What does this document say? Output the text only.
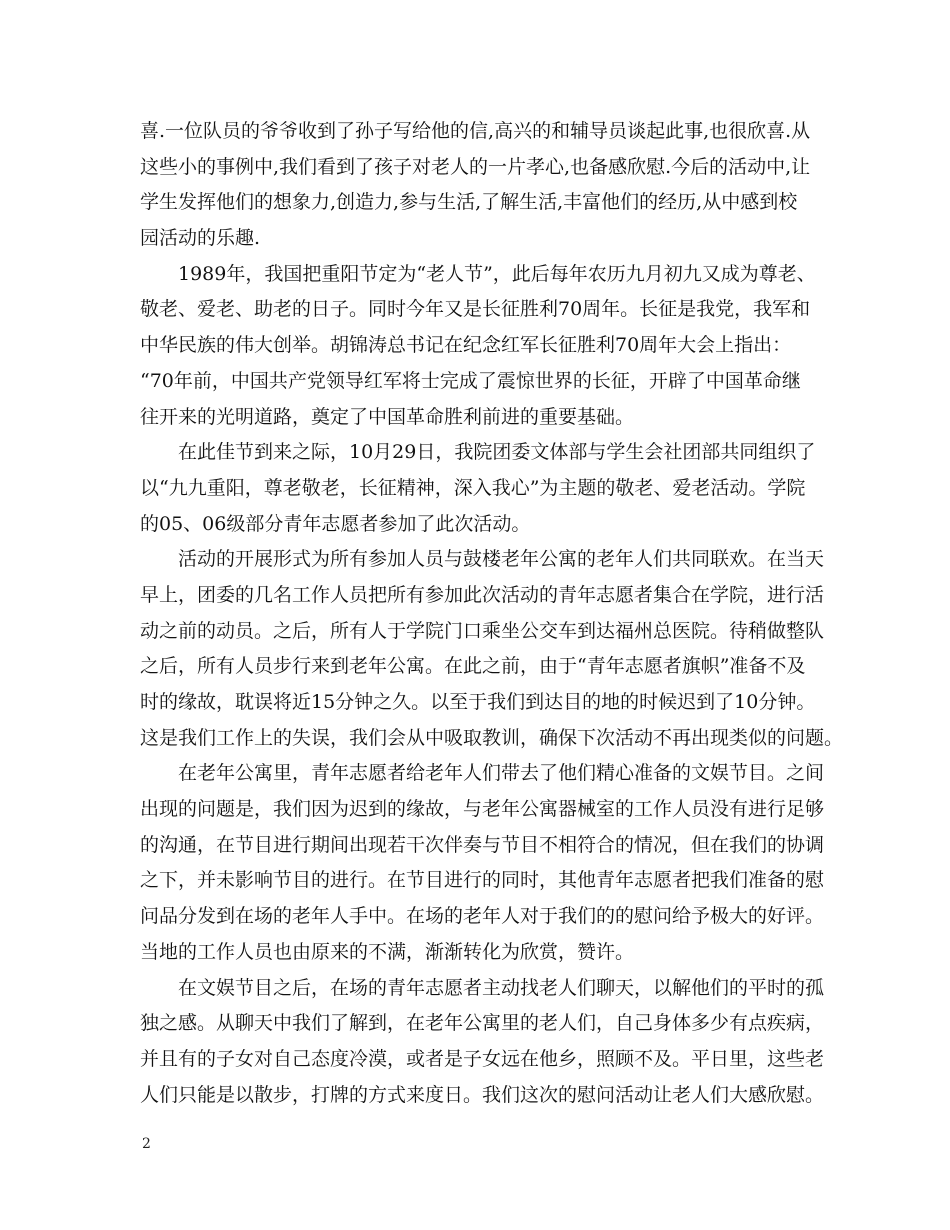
喜.一位队员的爷爷收到了孙子写给他的信,高兴的和辅导员谈起此事,也很欣喜.从
这些小的事例中,我们看到了孩子对老人的一片孝心,也备感欣慰.今后的活动中,让
学生发挥他们的想象力,创造力,参与生活,了解生活,丰富他们的经历,从中感到校
园活动的乐趣.
　　1989年，我国把重阳节定为“老人节”，此后每年农历九月初九又成为尊老、
敬老、爱老、助老的日子。同时今年又是长征胜利70周年。长征是我党，我军和
中华民族的伟大创举。胡锦涛总书记在纪念红军长征胜利70周年大会上指出：
“70年前，中国共产党领导红军将士完成了震惊世界的长征，开辟了中国革命继
往开来的光明道路，奠定了中国革命胜利前进的重要基础。
　　在此佳节到来之际，10月29日，我院团委文体部与学生会社团部共同组织了
以“九九重阳，尊老敬老，长征精神，深入我心”为主题的敬老、爱老活动。学院
的05、06级部分青年志愿者参加了此次活动。
　　活动的开展形式为所有参加人员与鼓楼老年公寓的老年人们共同联欢。在当天
早上，团委的几名工作人员把所有参加此次活动的青年志愿者集合在学院，进行活
动之前的动员。之后，所有人于学院门口乘坐公交车到达福州总医院。待稍做整队
之后，所有人员步行来到老年公寓。在此之前，由于“青年志愿者旗帜”准备不及
时的缘故，耽误将近15分钟之久。以至于我们到达目的地的时候迟到了10分钟。
这是我们工作上的失误，我们会从中吸取教训，确保下次活动不再出现类似的问题。
　　在老年公寓里，青年志愿者给老年人们带去了他们精心准备的文娱节目。之间
出现的问题是，我们因为迟到的缘故，与老年公寓器械室的工作人员没有进行足够
的沟通，在节目进行期间出现若干次伴奏与节目不相符合的情况，但在我们的协调
之下，并未影响节目的进行。在节目进行的同时，其他青年志愿者把我们准备的慰
问品分发到在场的老年人手中。在场的老年人对于我们的的慰问给予极大的好评。
当地的工作人员也由原来的不满，渐渐转化为欣赏，赞许。
　　在文娱节目之后，在场的青年志愿者主动找老人们聊天，以解他们的平时的孤
独之感。从聊天中我们了解到，在老年公寓里的老人们，自己身体多少有点疾病，
并且有的子女对自己态度冷漠，或者是子女远在他乡，照顾不及。平日里，这些老
人们只能是以散步，打牌的方式来度日。我们这次的慰问活动让老人们大感欣慰。
2
